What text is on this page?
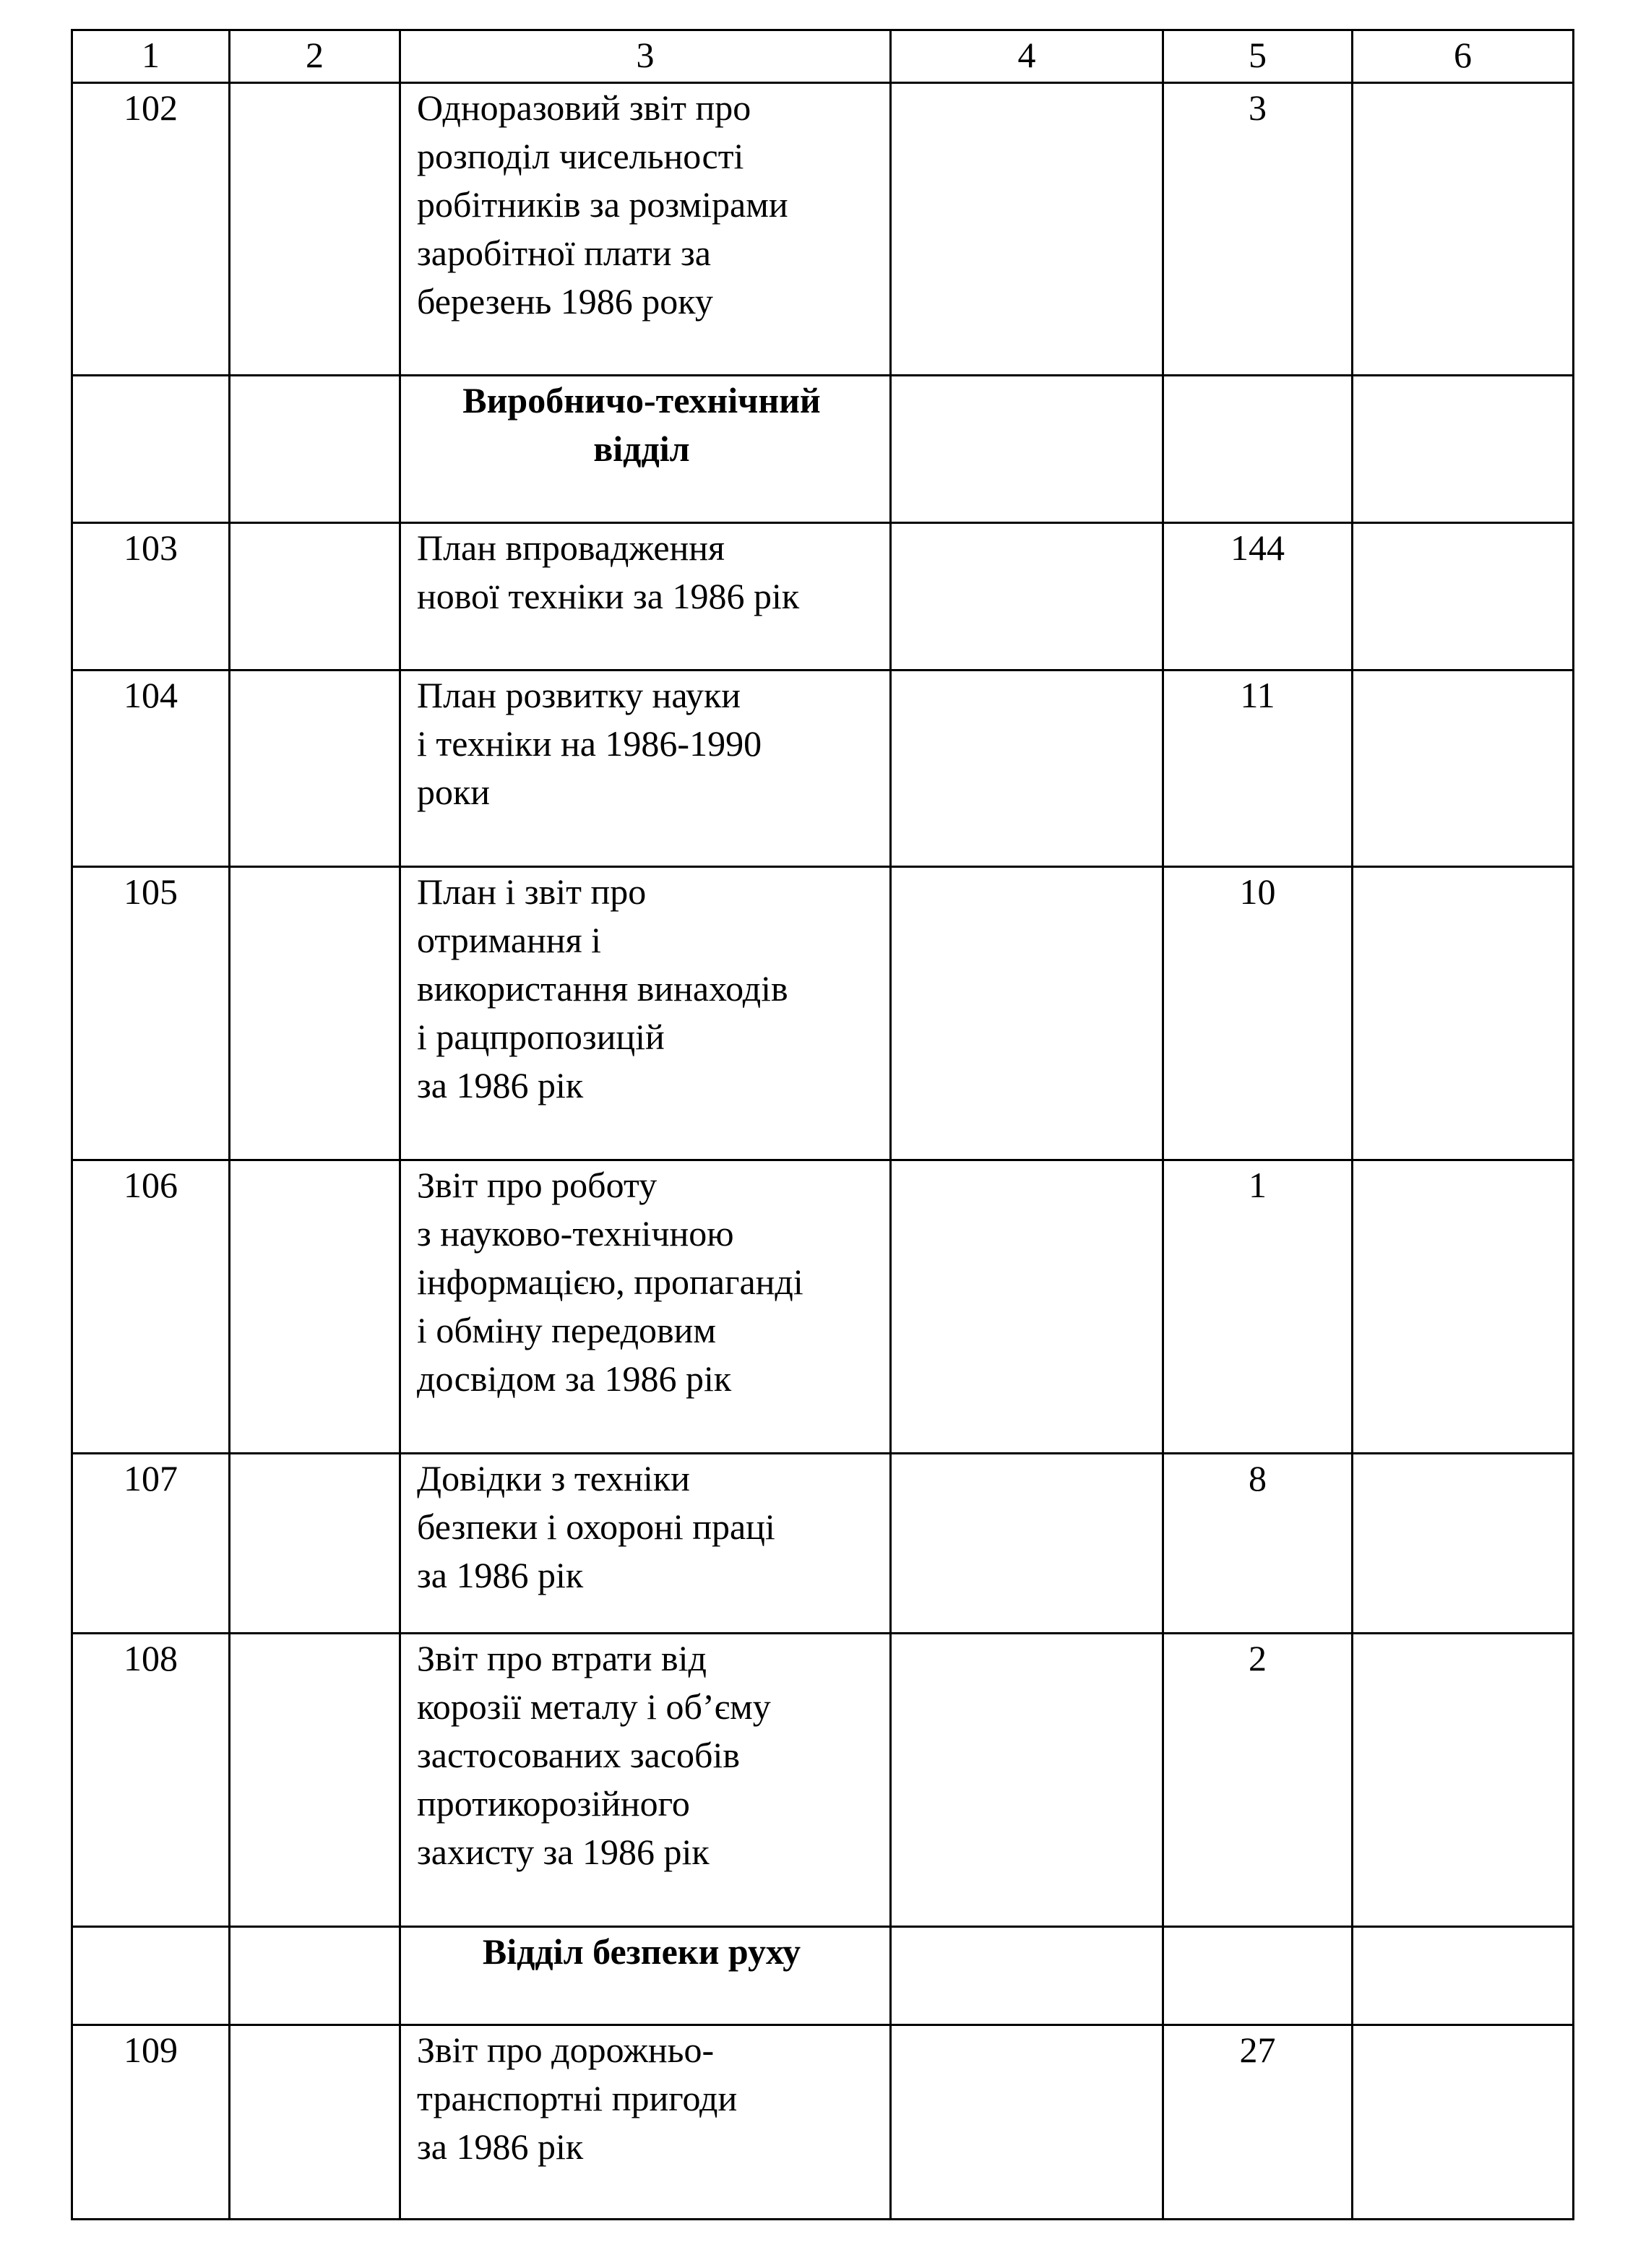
1	2	3	4	5	6
102		Одноразовий звіт про
розподіл чисельності
робітників за розмірами
заробітної плати за
березень 1986 року		3	
		Виробничо-технічний
відділ			
103		План впровадження
нової техніки за 1986 рік		144	
104		План розвитку науки
і техніки на 1986-1990
роки		11	
105		План і звіт про
отримання і
використання винаходів
і рацпропозицій
за 1986 рік		10	
106		Звіт про роботу
з науково-технічною
інформацією, пропаганді
і обміну передовим
досвідом за 1986 рік		1	
107		Довідки з техніки
безпеки і охороні праці
за 1986 рік		8	
108		Звіт про втрати від
корозії металу і об’єму
застосованих засобів
протикорозійного
захисту за 1986 рік		2	
		Відділ безпеки руху			
109		Звіт про дорожньо-
транспортні пригоди
за 1986 рік		27	
